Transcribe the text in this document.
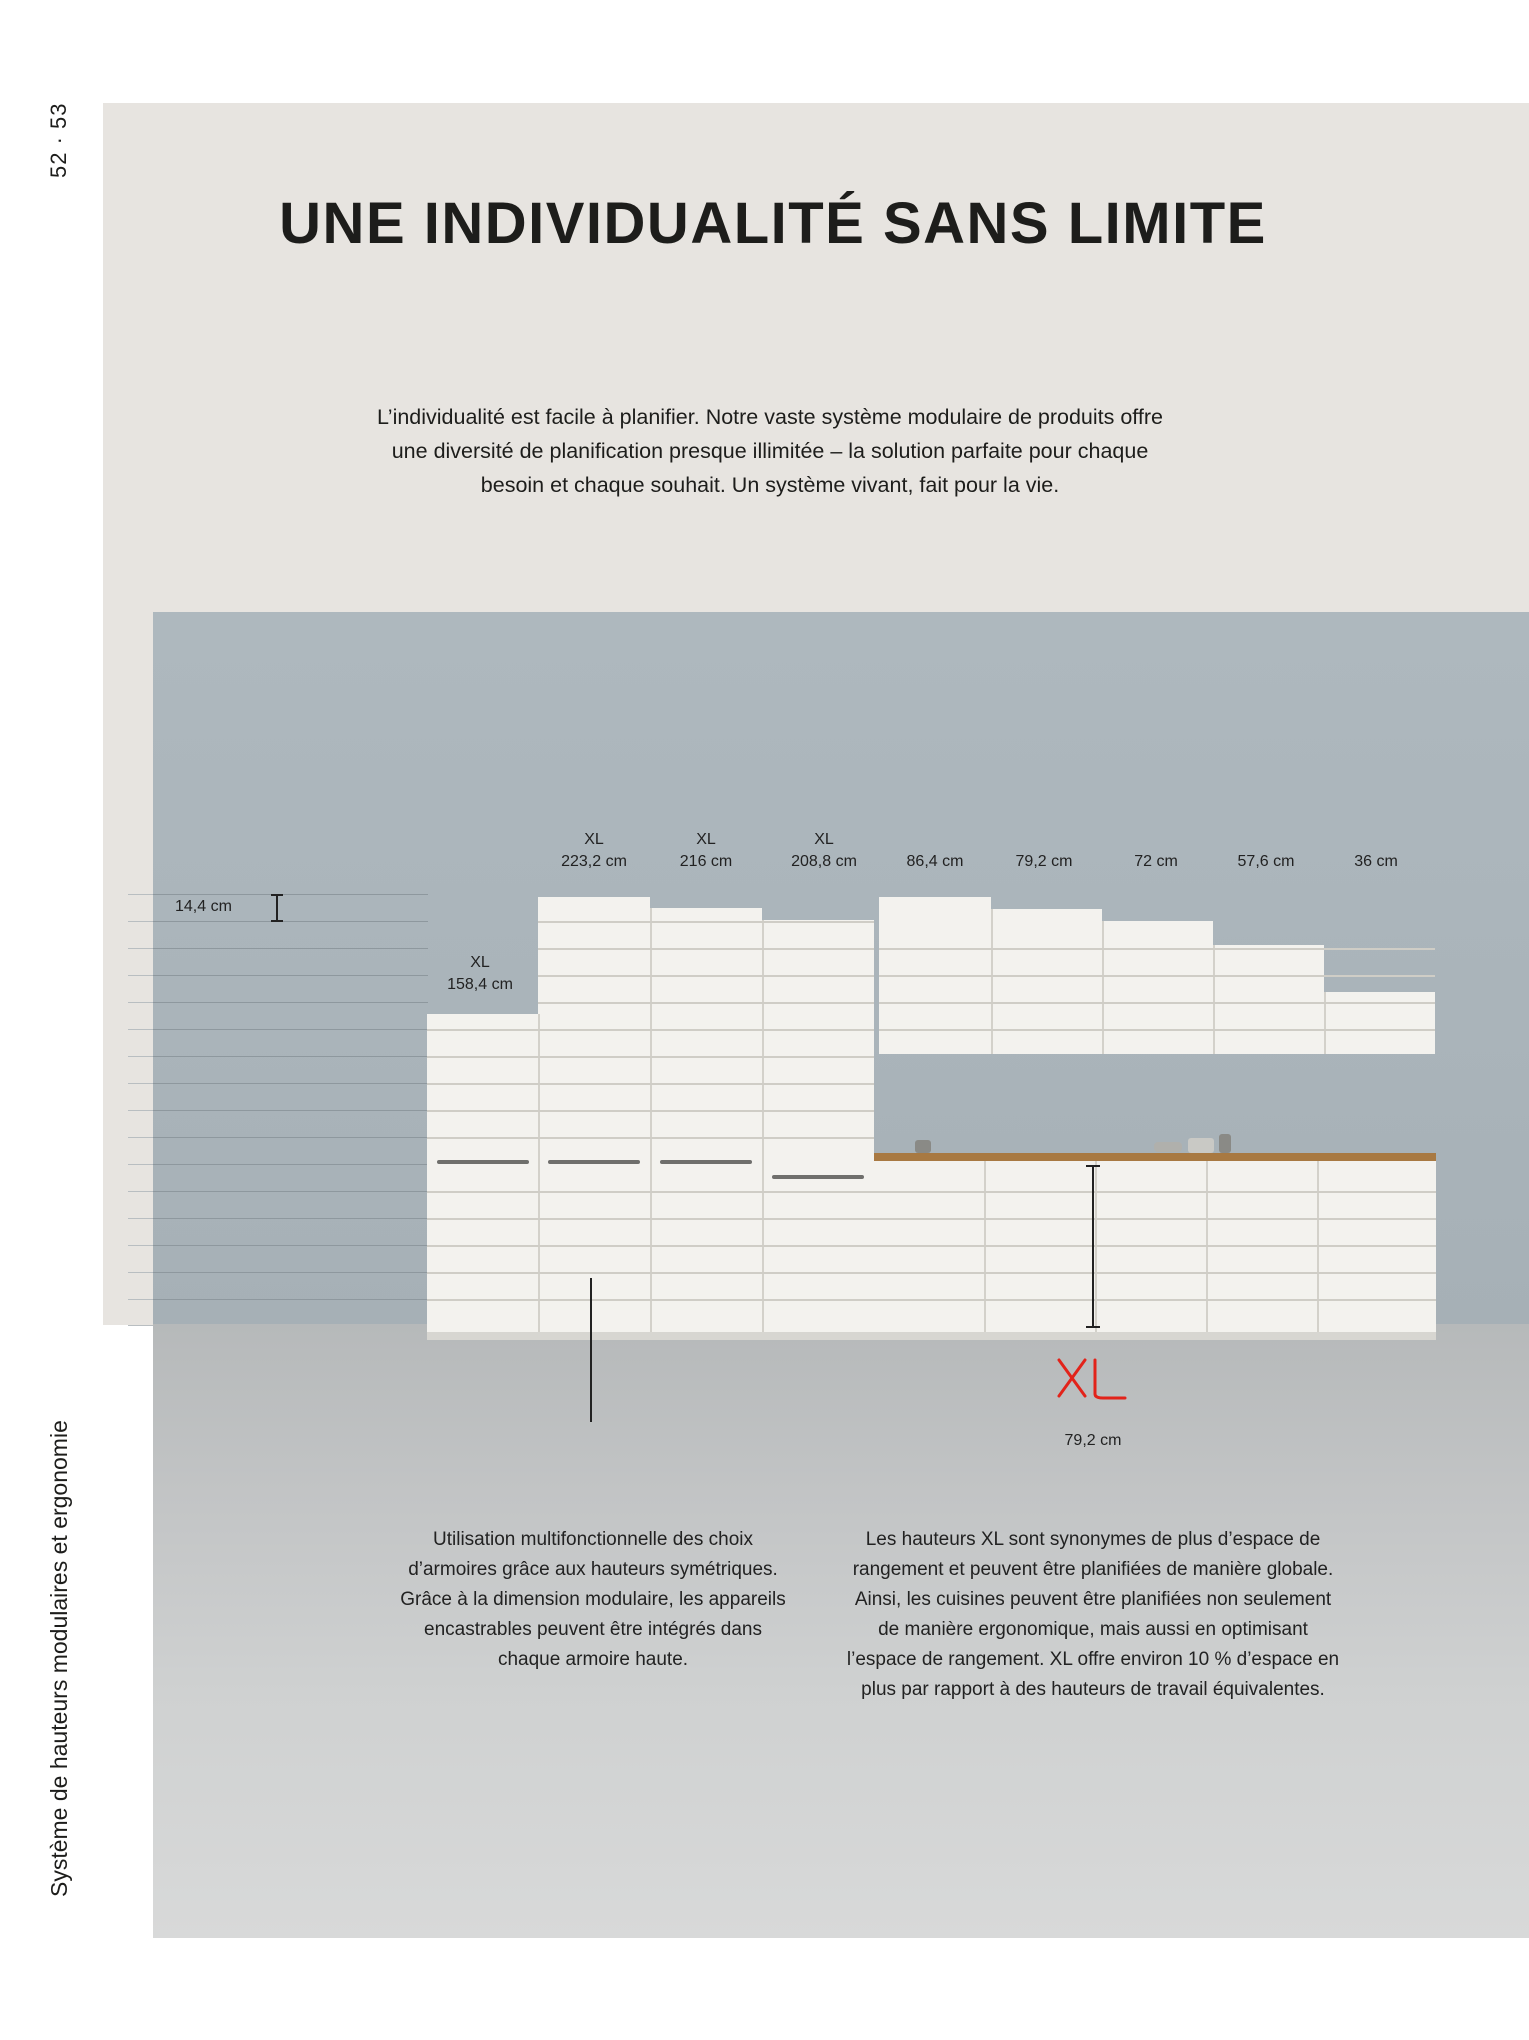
52 · 53
Système de hauteurs modulaires et ergonomie
UNE INDIVIDUALITÉ SANS LIMITE
L’individualité est facile à planifier. Notre vaste système modulaire de produits offre
une diversité de planification presque illimitée – la solution parfaite pour chaque
besoin et chaque souhait. Un système vivant, fait pour la vie.
14,4 cm
XL
158,4 cm
XL
223,2 cm
XL
216 cm
XL
208,8 cm	86,4 cm	79,2 cm	72 cm	57,6 cm	36 cm
79,2 cm
Utilisation multifonctionnelle des choix
d’armoires grâce aux hauteurs symétriques.
Grâce à la dimension modulaire, les appareils
encastrables peuvent être intégrés dans
chaque armoire haute.
Les hauteurs XL sont synonymes de plus d’espace de
rangement et peuvent être planifiées de manière globale.
Ainsi, les cuisines peuvent être planifiées non seulement
de manière ergonomique, mais aussi en optimisant
l’espace de rangement. XL offre environ 10 % d’espace en
plus par rapport à des hauteurs de travail équivalentes.
